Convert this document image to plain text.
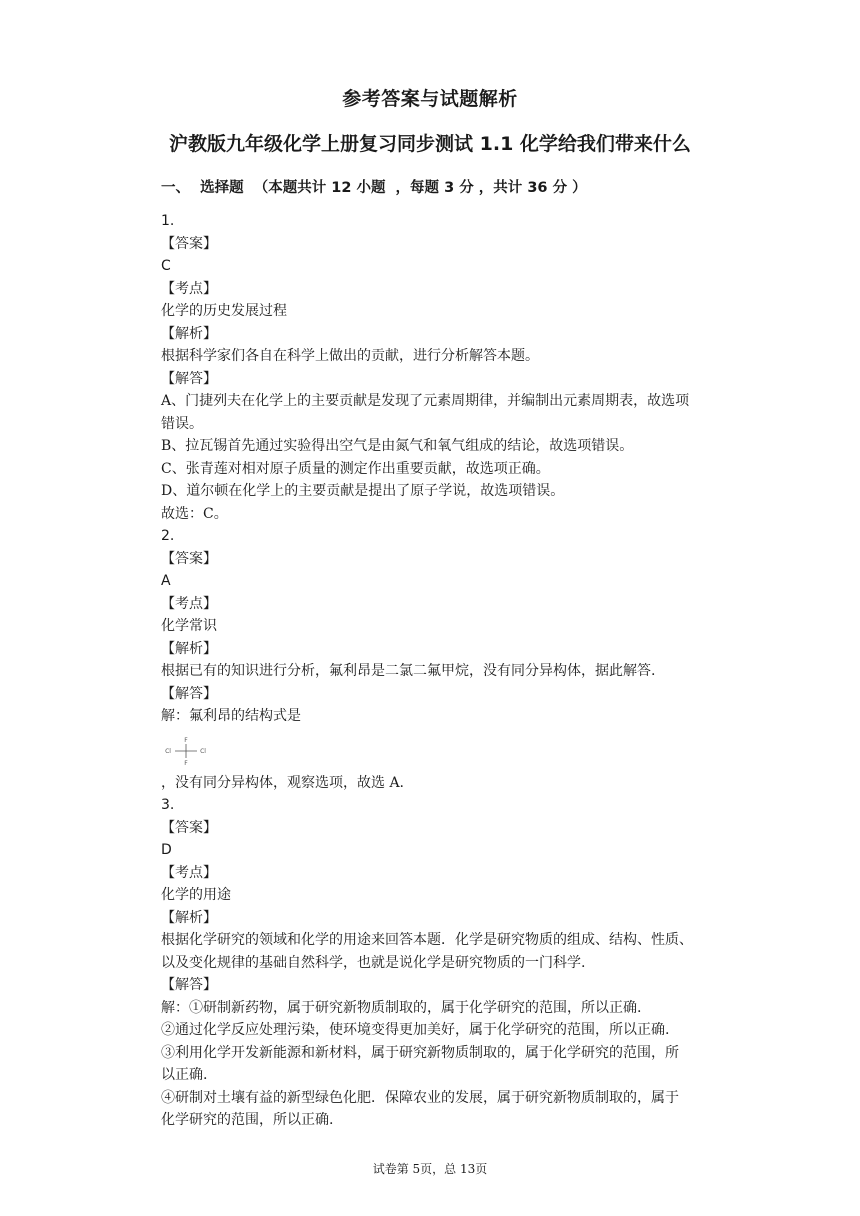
参考答案与试题解析
沪教版九年级化学上册复习同步测试 1.1 化学给我们带来什么
一、  选择题  （本题共计 12 小题  ，每题 3 分 ，共计 36 分 ）
1.
【答案】
C
【考点】
化学的历史发展过程
【解析】
根据科学家们各自在科学上做出的贡献，进行分析解答本题。
【解答】
A、门捷列夫在化学上的主要贡献是发现了元素周期律，并编制出元素周期表，故选项
错误。
B、拉瓦锡首先通过实验得出空气是由氮气和氧气组成的结论，故选项错误。
C、张青莲对相对原子质量的测定作出重要贡献，故选项正确。
D、道尔顿在化学上的主要贡献是提出了原子学说，故选项错误。
故选：C。
2.
【答案】
A
【考点】
化学常识
【解析】
根据已有的知识进行分析，氟利昂是二氯二氟甲烷，没有同分异构体，据此解答.
【解答】
解：氟利昂的结构式是
F
F
Cl	Cl
，没有同分异构体，观察选项，故选 A.
3.
【答案】
D
【考点】
化学的用途
【解析】
根据化学研究的领域和化学的用途来回答本题．化学是研究物质的组成、结构、性质、
以及变化规律的基础自然科学，也就是说化学是研究物质的一门科学.
【解答】
解：①研制新药物，属于研究新物质制取的，属于化学研究的范围，所以正确.
②通过化学反应处理污染，使环境变得更加美好，属于化学研究的范围，所以正确.
③利用化学开发新能源和新材料，属于研究新物质制取的，属于化学研究的范围，所
以正确.
④研制对土壤有益的新型绿色化肥．保障农业的发展，属于研究新物质制取的，属于
化学研究的范围，所以正确.
试卷第 5页，总 13页
